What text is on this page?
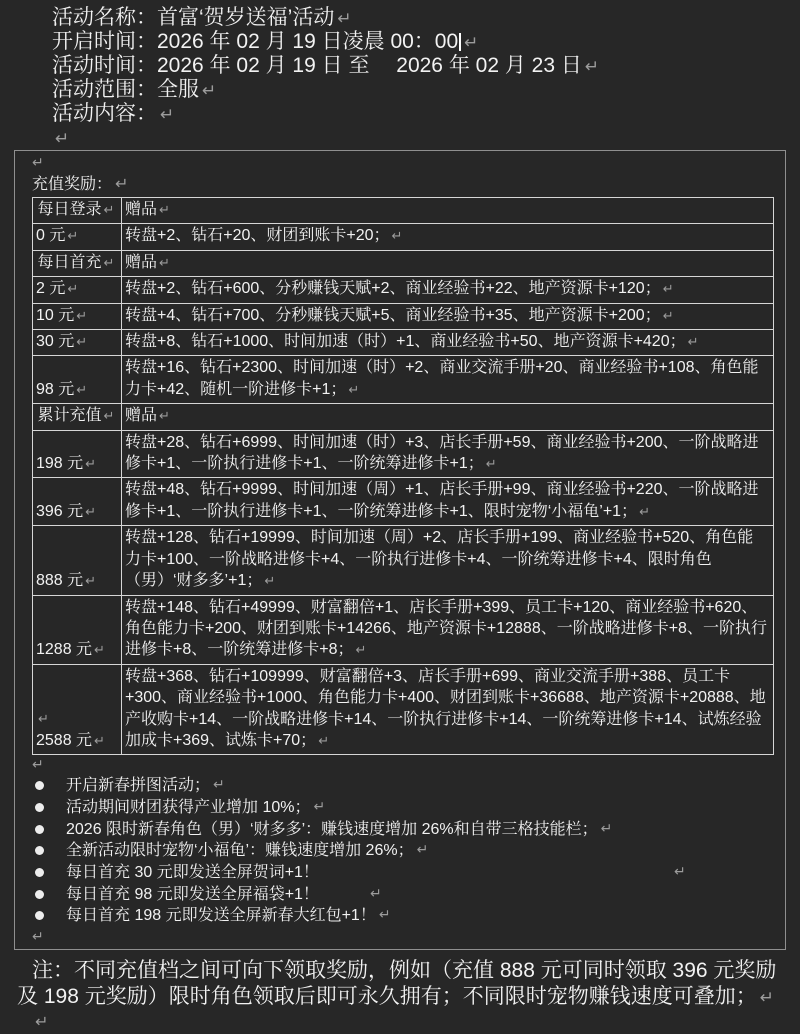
活动名称：首富‘贺岁送福’活动 ↵
开启时间：2026 年 02 月 19 日凌晨 00：00 ↵
活动时间：2026 年 02 月 19 日 至　 2026 年 02 月 23 日 ↵
活动范围：全服 ↵
活动内容： ↵
↵
↵
充值奖励： ↵
每日登录 ↵	赠品 ↵

0 元 ↵	转盘+2、钻石+20、财团到账卡+20； ↵

每日首充 ↵	赠品 ↵

2 元 ↵	转盘+2、钻石+600、分秒赚钱天赋+2、商业经验书+22、地产资源卡+120； ↵

10 元 ↵	转盘+4、钻石+700、分秒赚钱天赋+5、商业经验书+35、地产资源卡+200； ↵

30 元 ↵	转盘+8、钻石+1000、时间加速（时）+1、商业经验书+50、地产资源卡+420； ↵

98 元 ↵	转盘+16、钻石+2300、时间加速（时）+2、商业交流手册+20、商业经验书+108、角色能力卡+42、随机一阶进修卡+1； ↵

累计充值 ↵	赠品 ↵

198 元 ↵	转盘+28、钻石+6999、时间加速（时）+3、店长手册+59、商业经验书+200、一阶战略进修卡+1、一阶执行进修卡+1、一阶统筹进修卡+1； ↵

396 元 ↵	转盘+48、钻石+9999、时间加速（周）+1、店长手册+99、商业经验书+220、一阶战略进修卡+1、一阶执行进修卡+1、一阶统筹进修卡+1、限时宠物‘小福龟’+1； ↵

888 元 ↵	转盘+128、钻石+19999、时间加速（周）+2、店长手册+199、商业经验书+520、角色能力卡+100、一阶战略进修卡+4、一阶执行进修卡+4、一阶统筹进修卡+4、限时角色（男）‘财多多’+1； ↵

1288 元 ↵	转盘+148、钻石+49999、财富翻倍+1、店长手册+399、员工卡+120、商业经验书+620、角色能力卡+200、财团到账卡+14266、地产资源卡+12888、一阶战略进修卡+8、一阶执行进修卡+8、一阶统筹进修卡+8； ↵

↵
2588 元 ↵	转盘+368、钻石+109999、财富翻倍+3、店长手册+699、商业交流手册+388、员工卡+300、商业经验书+1000、角色能力卡+400、财团到账卡+36688、地产资源卡+20888、地产收购卡+14、一阶战略进修卡+14、一阶执行进修卡+14、一阶统筹进修卡+14、试炼经验加成卡+369、试炼卡+70； ↵
↵
开启新春拼图活动； ↵
活动期间财团获得产业增加 10%； ↵
2026 限时新春角色（男）‘财多多’：赚钱速度增加 26%和自带三格技能栏； ↵
全新活动限时宠物‘小福龟’：赚钱速度增加 26%； ↵
每日首充 30 元即发送全屏贺词+1！　　　　　　　　　　　　　　　　　　　　　　 ↵
每日首充 98 元即发送全屏福袋+1！　　　 ↵
每日首充 198 元即发送全屏新春大红包+1！ ↵
↵
注：不同充值档之间可向下领取奖励，例如（充值 888 元可同时领取 396 元奖励及 198 元奖励）限时角色领取后即可永久拥有；不同限时宠物赚钱速度可叠加； ↵
↵
